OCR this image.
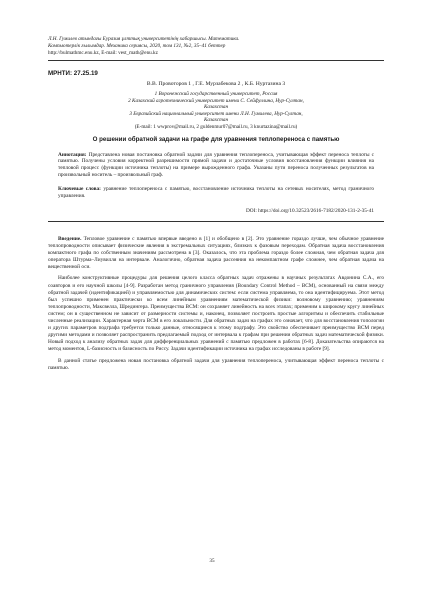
Л.Н. Гумилев атындағы Еуразия ұлттық университетінің хабаршысы. Математика.
Компьютерлік ғылымдар. Механика сериясы, 2020, том 131, №2, 35–41 беттер
http://bulmathmc.enu.kz, E-mail: vest_math@enu.kz
МРНТИ: 27.25.19
В.В. Провоторов 1 , Г.Е. Мурзабекова 2 , К.Б. Нуртазина 3
1 Воронежский государственный университет, Россия
2 Казахский агротехнический университет имени С. Сейфуллина, Нур-Султан,
Казахстан
3 Евразийский национальный университет имени Л.Н. Гумилева, Нур-Султан,
Казахстан
(E-mail: 1 wwprov@mail.ru, 2 guldenmur07@mail.ru, 3 knurtazina@mail.ru)
О решении обратной задачи на графе для уравнения теплопереноса с памятью
Аннотация: Представлена новая постановка обратной задачи для уравнения теплопереноса, учитывающая эффект переноса теплоты с памятью. Получены условия корректной разрешимости прямой задачи и достаточные условия восстановления функции влияния на тепловой процесс (функции источника теплоты) на примере вырожденного графа. Указаны пути переноса полученных результатов на произвольный носитель – произвольный граф.
Ключевые слова: уравнение теплопереноса с памятью, восстановление источника теплоты на сетевых носителях, метод граничного управления.
DOI: https://doi.org/10.32523/2616-7182/2020-131-2-35-41

Введение. Тепловое уравнение с памятью впервые введено в [1] и обобщено в [2]. Это уравнение гораздо лучше, чем обычное уравнение теплопроводности описывает физические явления в экстремальных ситуациях, близких к фазовым переходам. Обратная задача восстановления компактного графа по собственным значениям рассмотрена в [3]. Оказалось, что эта проблема гораздо более сложная, чем обратная задача для оператора Штурма–Лиувилля на интервале. Аналогично, обратная задача рассеяния на некомпактном графе сложнее, чем обратная задача на вещественной оси.

Наиболее конструктивные процедуры для решения целого класса обратных задач отражены в научных результатах Авдонина С.А., его соавторов и его научной школы [4-9]. Разработан метод граничного управления (Boundary Control Method – BCM), основанный на связи между обратной задачей (идентификацией) и управляемостью для динамических систем: если система управляема, то она идентифицируема. Этот метод был успешно применен практически ко всем линейным уравнениям математической физики: волновому уравнению; уравнениям теплопроводности, Максвелла, Шредингера. Преимущества ВСМ: он сохраняет линейность на всех этапах; применим к широкому кругу линейных систем; он в существенном не зависит от размерности системы и, наконец, позволяет построить простые алгоритмы и обеспечить стабильные численные реализации. Характерная черта ВСМ в его локальности. Для обратных задач на графах это означает, что для восстановления топологии и других параметров подграфа требуется только данные, относящиеся к этому подграфу. Это свойство обеспечивает преимущество ВСМ перед другими методами и позволяет распространить предлагаемый подход от интервала к графам при решении обратных задач математической физики. Новый подход к анализу обратных задач для дифференциальных уравнений с памятью предложен в работах [6-8]. Доказательства опираются на метод моментов, L-базисность и базисность по Риссу. Задачи идентификации источника на графах исследованы в работе [9].

В данной статье предложена новая постановка обратной задачи для уравнения теплопереноса, учитывающая эффект переноса теплоты с памятью.

35
